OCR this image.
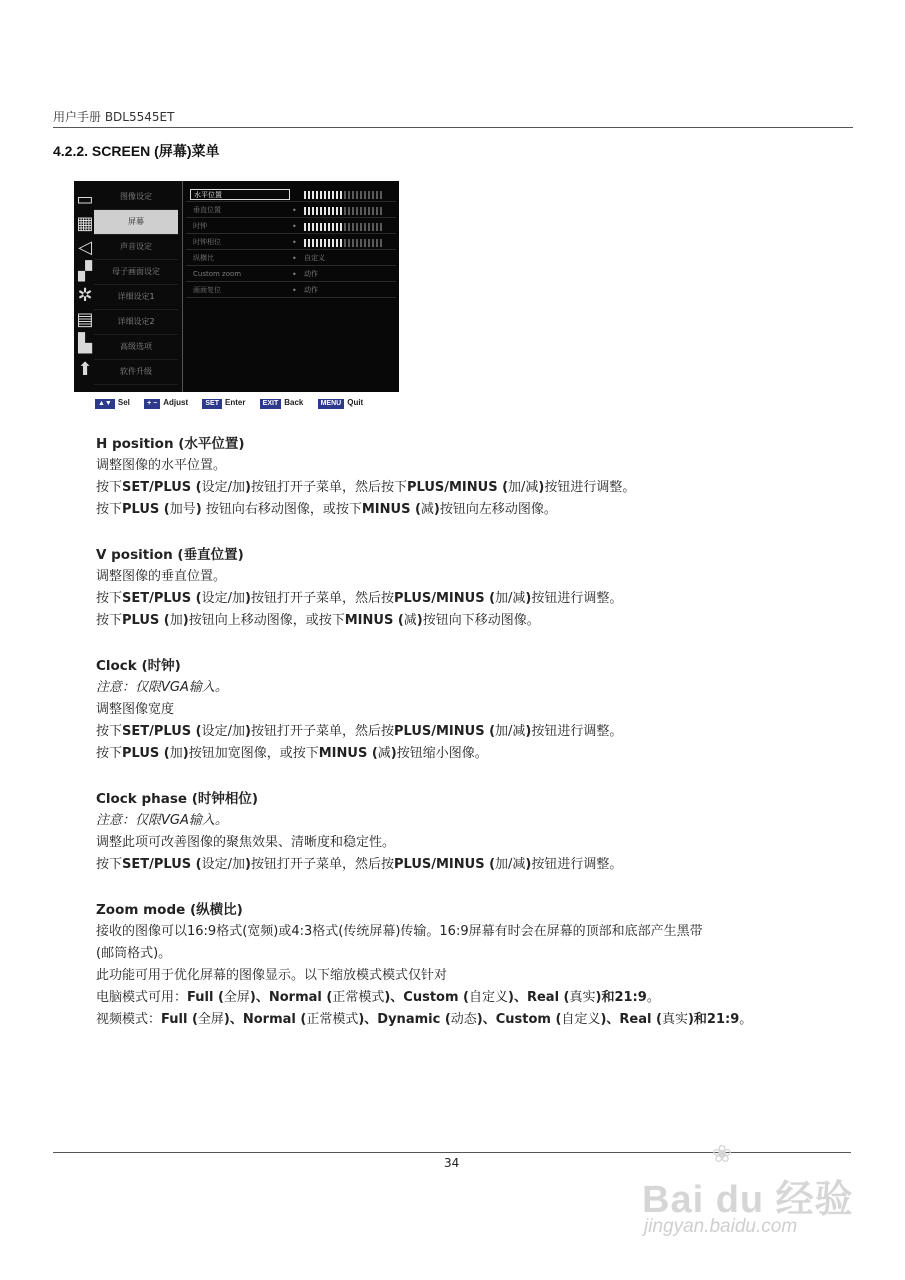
用户手册 BDL5545ET
4.2.2. SCREEN (屏幕)菜单
▭
▦
◁
▞
✲
▤
▙
⬆
图像设定
屏幕
声音设定
母子画面设定
详细设定1
详细设定2
高级选项
软件升级
水平位置
垂直位置	•
时钟	•
时钟相位	•
纵横比	• 自定义
Custom zoom	• 动作
画面复位	• 动作
▲▼ Sel + − Adjust SET Enter EXIT Back MENU Quit

H position (水平位置)

调整图像的水平位置。

按下SET/PLUS (设定/加)按钮打开子菜单，然后按下PLUS/MINUS (加/减)按钮进行调整。

按下PLUS (加号) 按钮向右移动图像，或按下MINUS (减)按钮向左移动图像。

V position (垂直位置)

调整图像的垂直位置。

按下SET/PLUS (设定/加)按钮打开子菜单，然后按PLUS/MINUS (加/减)按钮进行调整。

按下PLUS (加)按钮向上移动图像，或按下MINUS (减)按钮向下移动图像。

Clock (时钟)

注意：仅限VGA输入。

调整图像宽度

按下SET/PLUS (设定/加)按钮打开子菜单，然后按PLUS/MINUS (加/减)按钮进行调整。

按下PLUS (加)按钮加宽图像，或按下MINUS (减)按钮缩小图像。

Clock phase (时钟相位)

注意：仅限VGA输入。

调整此项可改善图像的聚焦效果、清晰度和稳定性。

按下SET/PLUS (设定/加)按钮打开子菜单，然后按PLUS/MINUS (加/减)按钮进行调整。

Zoom mode (纵横比)

接收的图像可以16:9格式(宽频)或4:3格式(传统屏幕)传输。16:9屏幕有时会在屏幕的顶部和底部产生黑带

(邮筒格式)。

此功能可用于优化屏幕的图像显示。以下缩放模式模式仅针对

电脑模式可用：Full (全屏)、Normal (正常模式)、Custom (自定义)、Real (真实)和21:9。

视频模式：Full (全屏)、Normal (正常模式)、Dynamic (动态)、Custom (自定义)、Real (真实)和21:9。

34	❀
Bai du 经验
jingyan.baidu.com
